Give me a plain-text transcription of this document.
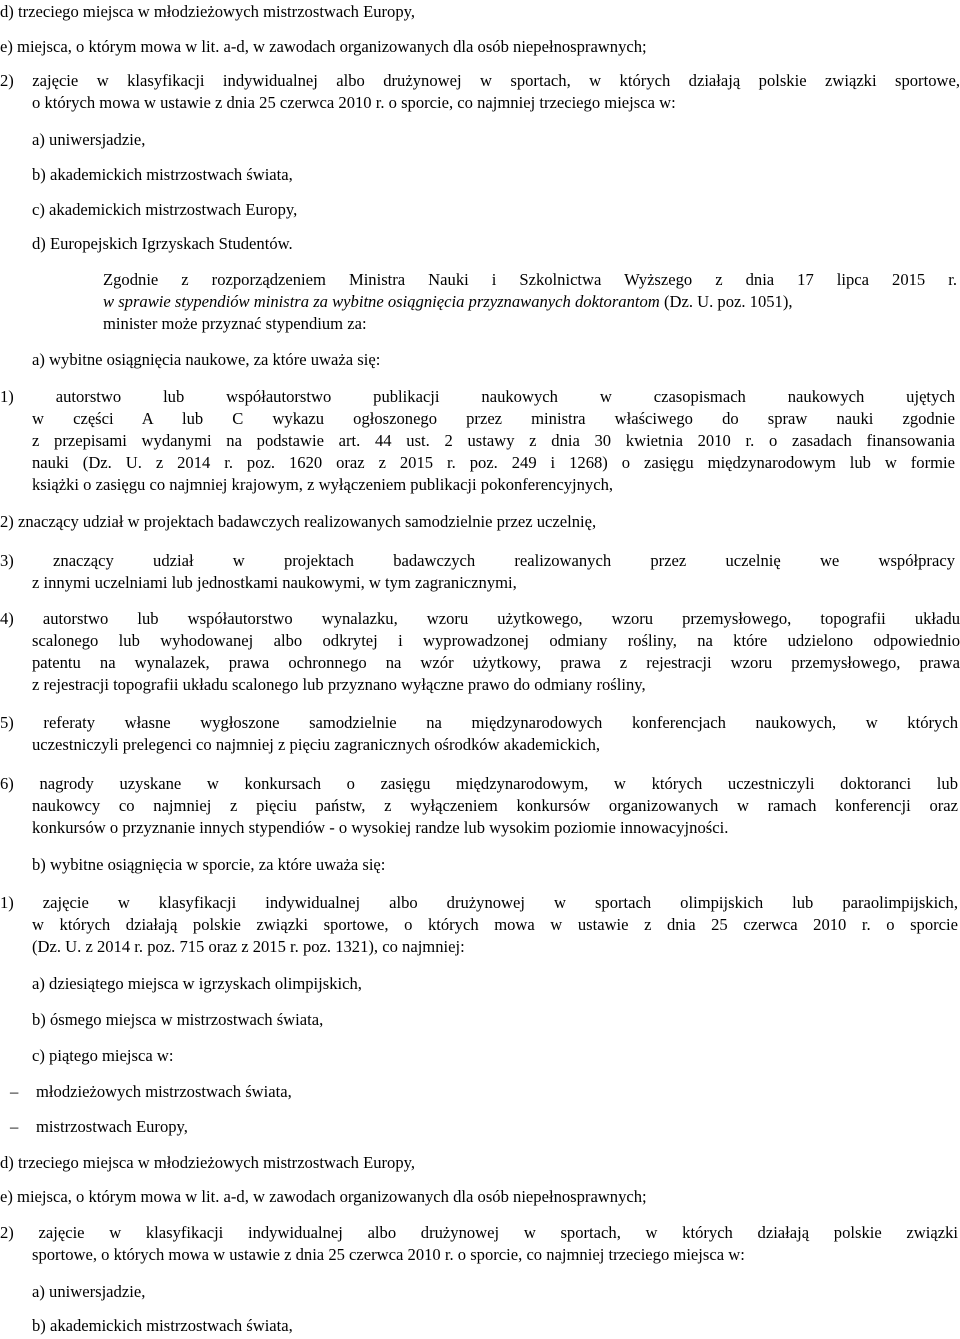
d) trzeciego miejsca w młodzieżowych mistrzostwach Europy,
e) miejsca, o którym mowa w lit. a-d, w zawodach organizowanych dla osób niepełnosprawnych;
2) zajęcie w klasyfikacji indywidualnej albo drużynowej w sportach, w których działają polskie związki sportowe,
o których mowa w ustawie z dnia 25 czerwca 2010 r. o sporcie, co najmniej trzeciego miejsca w:
a) uniwersjadzie,
b) akademickich mistrzostwach świata,
c) akademickich mistrzostwach Europy,
d) Europejskich Igrzyskach Studentów.
Zgodnie z rozporządzeniem Ministra Nauki i Szkolnictwa Wyższego z dnia 17 lipca 2015 r.
w sprawie stypendiów ministra za wybitne osiągnięcia przyznawanych doktorantom (Dz. U. poz. 1051),
minister może przyznać stypendium za:
a) wybitne osiągnięcia naukowe, za które uważa się:
1) autorstwo lub współautorstwo publikacji naukowych w czasopismach naukowych ujętych
w części A lub C wykazu ogłoszonego przez ministra właściwego do spraw nauki zgodnie
z przepisami wydanymi na podstawie art. 44 ust. 2 ustawy z dnia 30 kwietnia 2010 r. o zasadach finansowania
nauki (Dz. U. z 2014 r. poz. 1620 oraz z 2015 r. poz. 249 i 1268) o zasięgu międzynarodowym lub w formie
książki o zasięgu co najmniej krajowym, z wyłączeniem publikacji pokonferencyjnych,
2) znaczący udział w projektach badawczych realizowanych samodzielnie przez uczelnię,
3) znaczący udział w projektach badawczych realizowanych przez uczelnię we współpracy
z innymi uczelniami lub jednostkami naukowymi, w tym zagranicznymi,
4) autorstwo lub współautorstwo wynalazku, wzoru użytkowego, wzoru przemysłowego, topografii układu
scalonego lub wyhodowanej albo odkrytej i wyprowadzonej odmiany rośliny, na które udzielono odpowiednio
patentu na wynalazek, prawa ochronnego na wzór użytkowy, prawa z rejestracji wzoru przemysłowego, prawa
z rejestracji topografii układu scalonego lub przyznano wyłączne prawo do odmiany rośliny,
5) referaty własne wygłoszone samodzielnie na międzynarodowych konferencjach naukowych, w których
uczestniczyli prelegenci co najmniej z pięciu zagranicznych ośrodków akademickich,
6) nagrody uzyskane w konkursach o zasięgu międzynarodowym, w których uczestniczyli doktoranci lub
naukowcy co najmniej z pięciu państw, z wyłączeniem konkursów organizowanych w ramach konferencji oraz
konkursów o przyznanie innych stypendiów - o wysokiej randze lub wysokim poziomie innowacyjności.
b) wybitne osiągnięcia w sporcie, za które uważa się:
1) zajęcie w klasyfikacji indywidualnej albo drużynowej w sportach olimpijskich lub paraolimpijskich,
w których działają polskie związki sportowe, o których mowa w ustawie z dnia 25 czerwca 2010 r. o sporcie
(Dz. U. z 2014 r. poz. 715 oraz z 2015 r. poz. 1321), co najmniej:
a) dziesiątego miejsca w igrzyskach olimpijskich,
b) ósmego miejsca w mistrzostwach świata,
c) piątego miejsca w:
– młodzieżowych mistrzostwach świata,
– mistrzostwach Europy,
d) trzeciego miejsca w młodzieżowych mistrzostwach Europy,
e) miejsca, o którym mowa w lit. a-d, w zawodach organizowanych dla osób niepełnosprawnych;
2) zajęcie w klasyfikacji indywidualnej albo drużynowej w sportach, w których działają polskie związki
sportowe, o których mowa w ustawie z dnia 25 czerwca 2010 r. o sporcie, co najmniej trzeciego miejsca w:
a) uniwersjadzie,
b) akademickich mistrzostwach świata,
